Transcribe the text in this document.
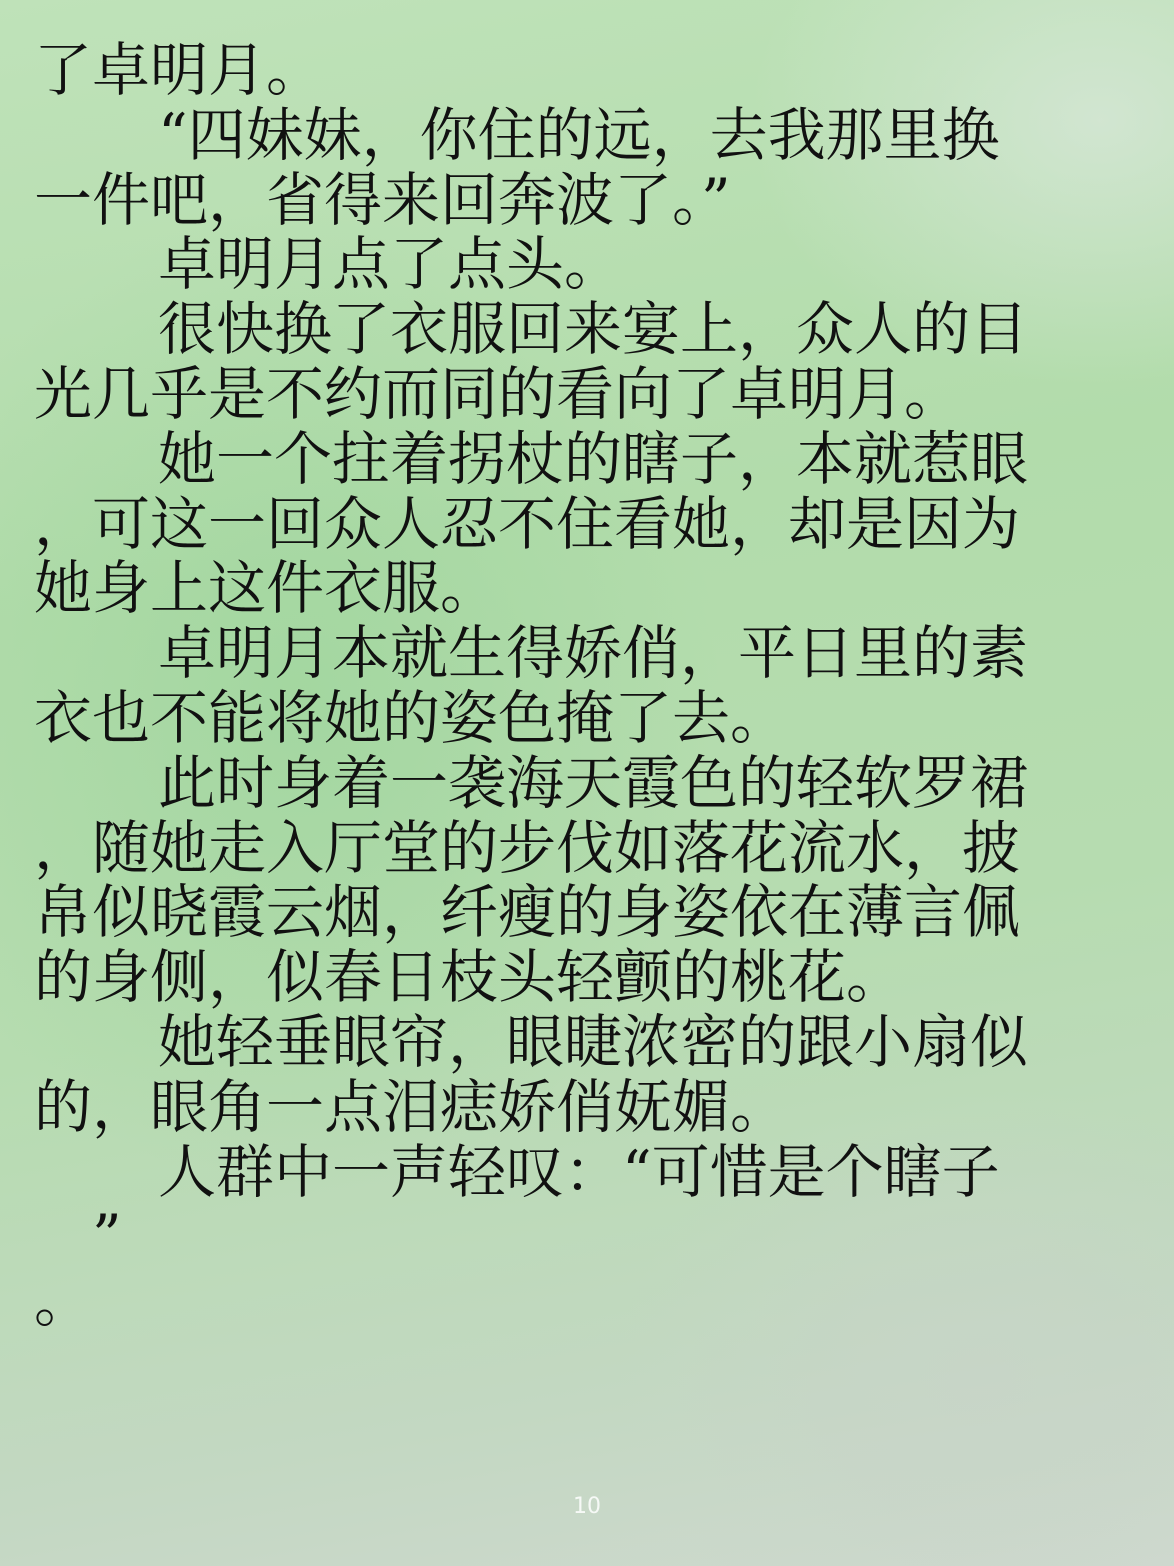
了卓明月。
“四妹妹，你住的远，去我那里换
一件吧，省得来回奔波了。”
卓明月点了点头。
很快换了衣服回来宴上，众人的目
光几乎是不约而同的看向了卓明月。
她一个拄着拐杖的瞎子，本就惹眼
，可这一回众人忍不住看她，却是因为
她身上这件衣服。
卓明月本就生得娇俏，平日里的素
衣也不能将她的姿色掩了去。
此时身着一袭海天霞色的轻软罗裙
，随她走入厅堂的步伐如落花流水，披
帛似晓霞云烟，纤瘦的身姿依在薄言佩
的身侧，似春日枝头轻颤的桃花。
她轻垂眼帘，眼睫浓密的跟小扇似
的，眼角一点泪痣娇俏妩媚。
人群中一声轻叹：“可惜是个瞎子
”
。
10
